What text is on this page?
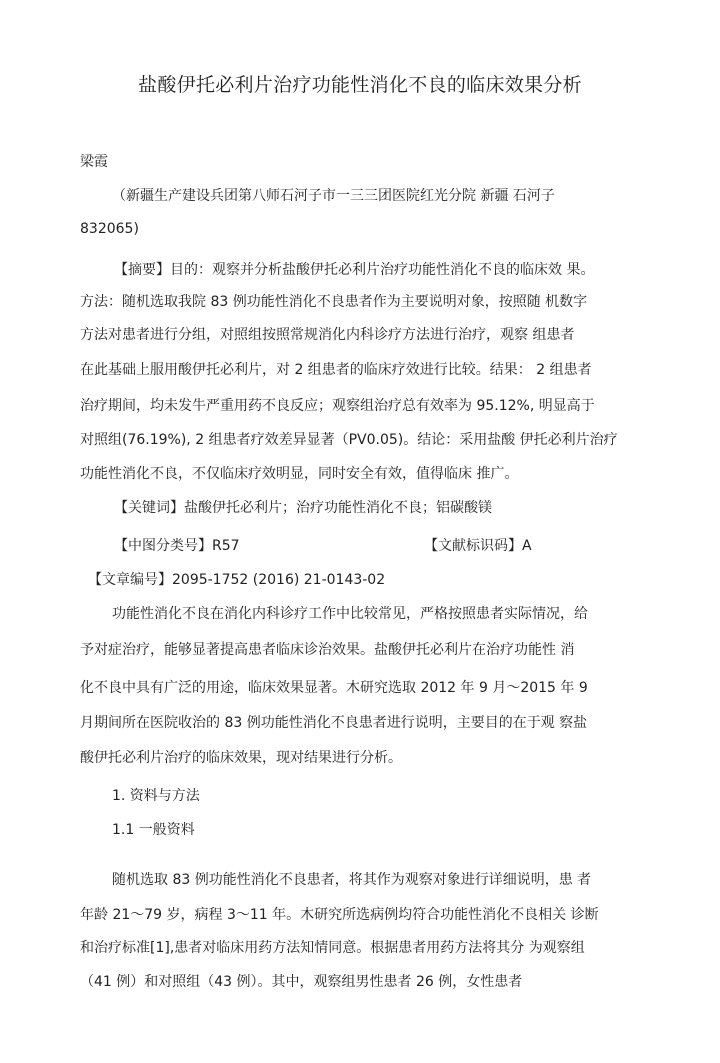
盐酸伊托必利片治疗功能性消化不良的临床效果分析
梁霞
（新疆生产建设兵团第八师石河子市一三三团医院红光分院 新疆 石河子
832065)
【摘要】目的：观察并分析盐酸伊托必利片治疗功能性消化不良的临床效 果。
方法：随机选取我院 83 例功能性消化不良患者作为主要说明对象，按照随 机数字
方法对患者进行分组，对照组按照常规消化内科诊疗方法进行治疗，观察 组患者
在此基础上服用酸伊托必利片，对 2 组患者的临床疗效进行比较。结果： 2 组患者
治疗期间，均未发牛严重用药不良反应；观察组治疗总有效率为 95.12%, 明显高于
对照组(76.19%), 2 组患者疗效差异显著（PV0.05)。结论：采用盐酸 伊托必利片治疗
功能性消化不良，不仅临床疗效明显，同时安全有效，值得临床 推广。
【关键词】盐酸伊托必利片；治疗功能性消化不良；铝碳酸镁
【中图分类号】R57	【文献标识码】A
【文章编号】2095-1752 (2016) 21-0143-02
功能性消化不良在消化内科诊疗工作中比较常见，严格按照患者实际情况，给
予对症治疗，能够显著提高患者临床诊治效果。盐酸伊托必利片在治疗功能性 消
化不良中具有广泛的用途，临床效果显著。木研究选取 2012 年 9 月～2015 年 9
月期间所在医院收治的 83 例功能性消化不良患者进行说明，主要目的在于观 察盐
酸伊托必利片治疗的临床效果，现对结果进行分析。
1. 资料与方法
1.1 一般资料
随机选取 83 例功能性消化不良患者，将其作为观察对象进行详细说明，患 者
年龄 21～79 岁，病程 3～11 年。木研究所选病例均符合功能性消化不良相关 诊断
和治疗标准[1],患者对临床用药方法知情同意。根据患者用药方法将其分 为观察组
（41 例）和对照组（43 例）。其中，观察组男性患者 26 例，女性患者
